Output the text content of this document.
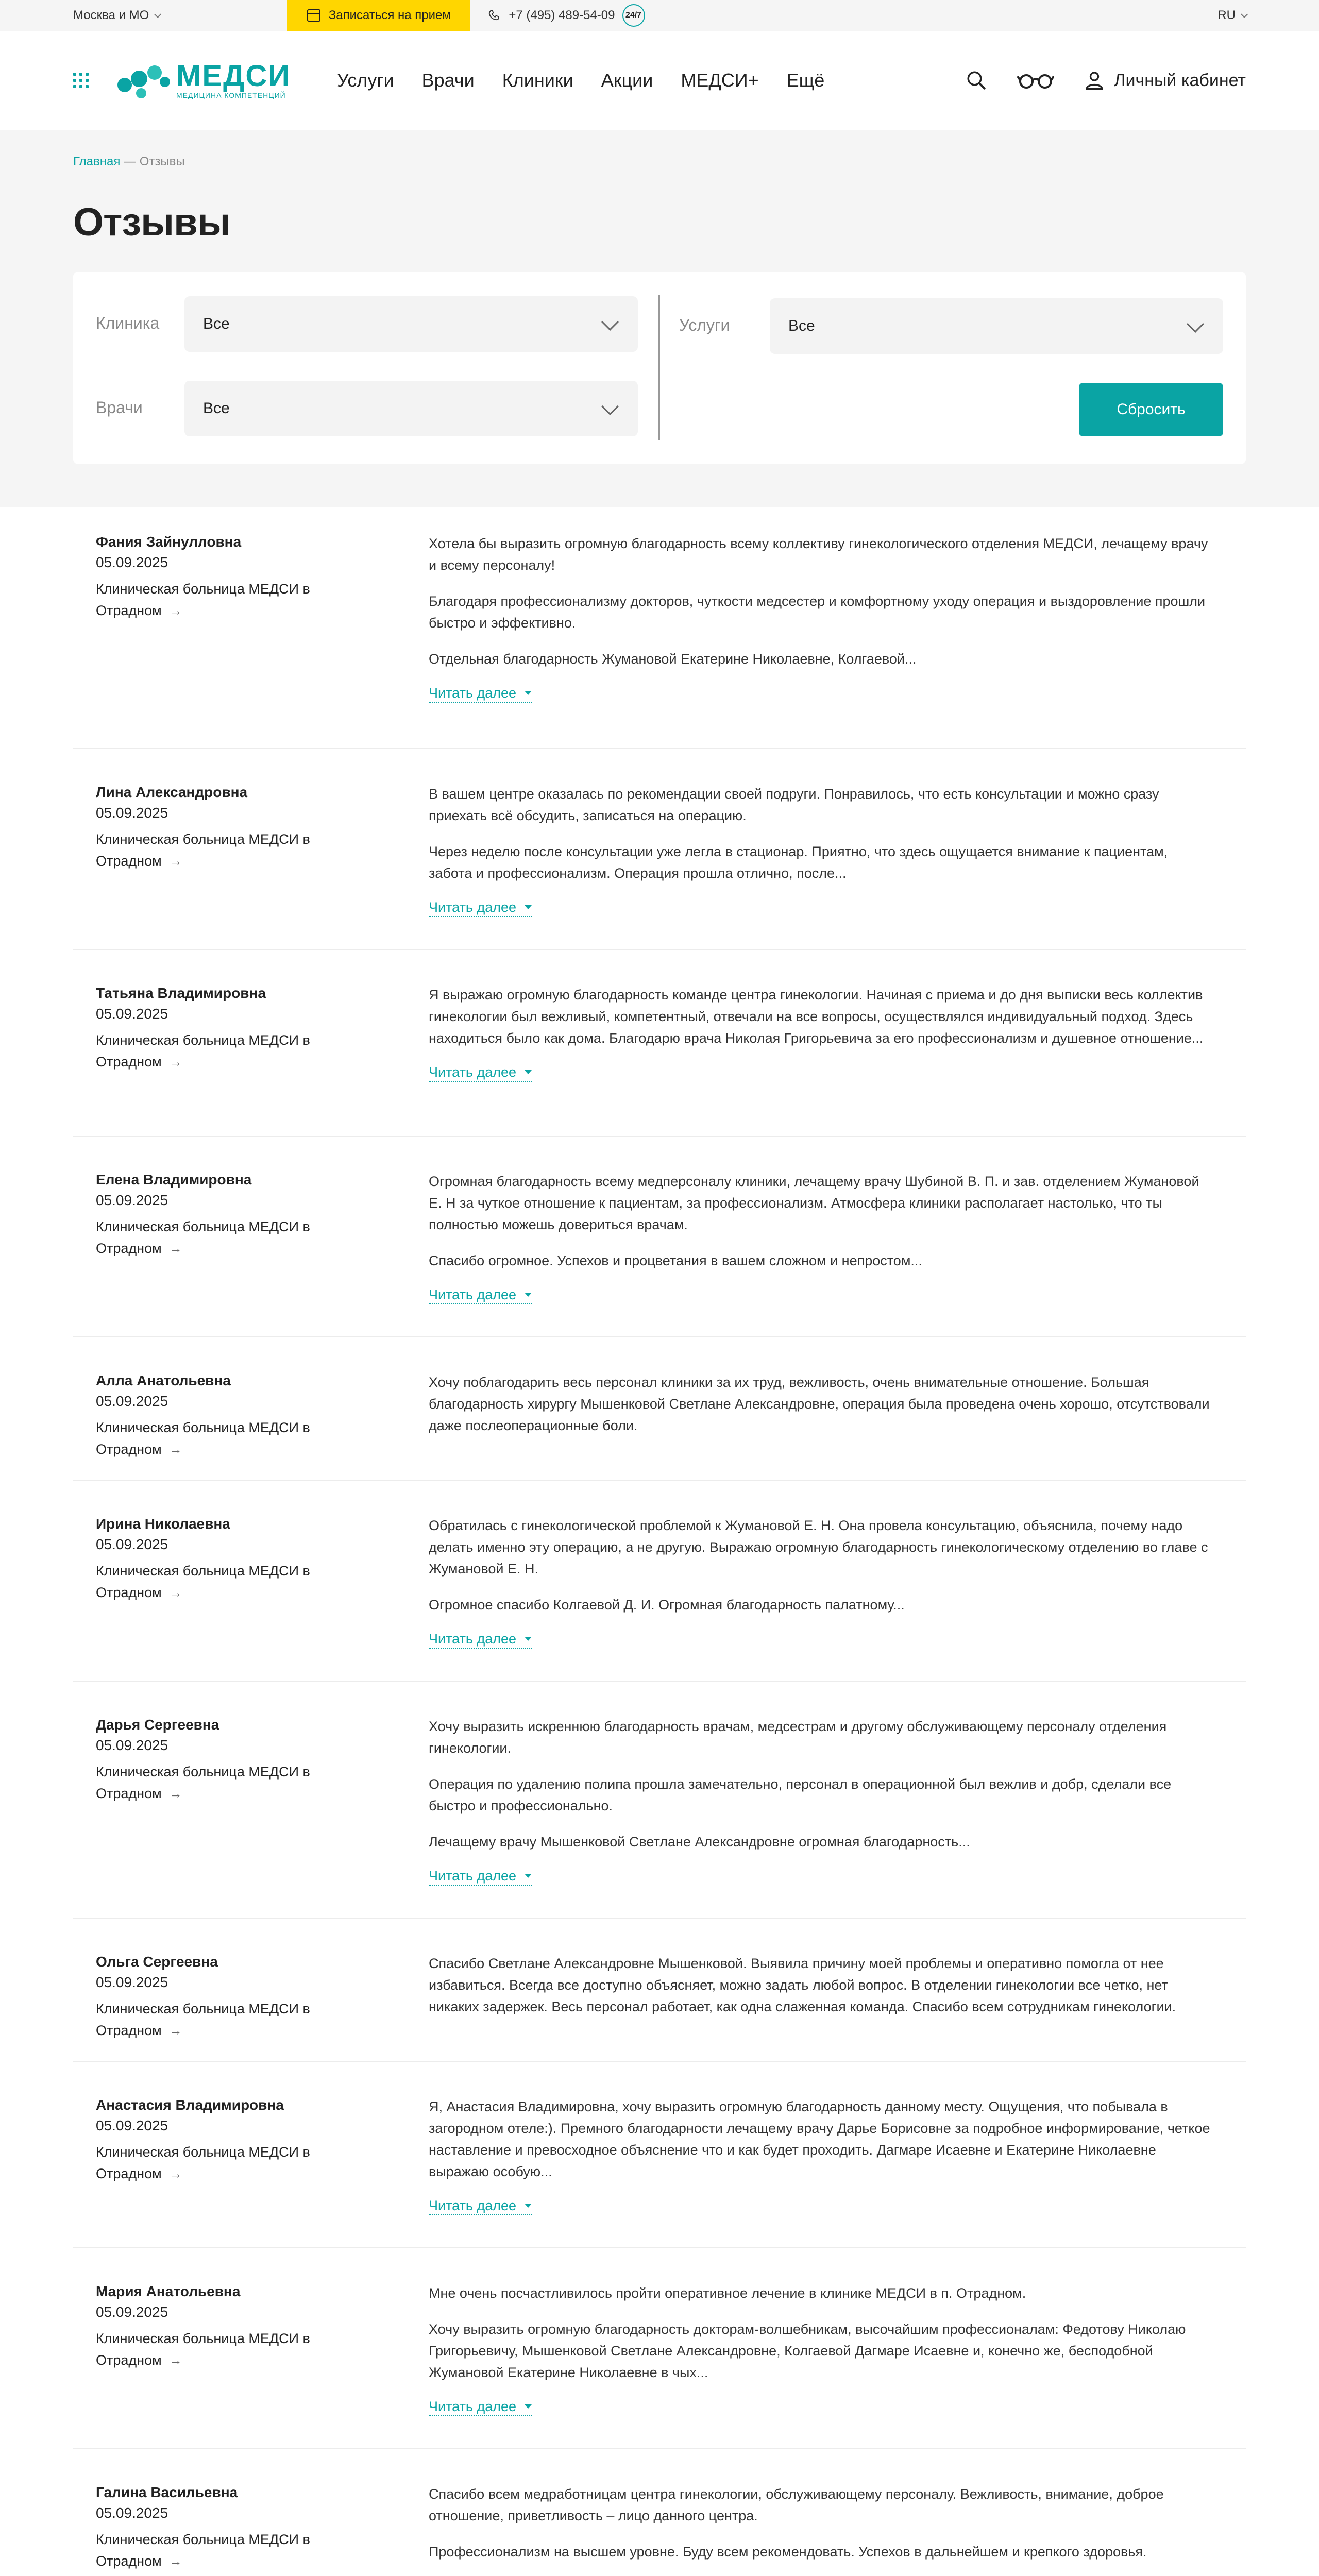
Москва и МО	Записаться на прием	+7 (495) 489-54-09	24/7	RU
МЕДСИ
МЕДИЦИНА КОМПЕТЕНЦИЙ
Услуги Врачи Клиники Акции МЕДСИ+ Ещё	Личный кабинет
Главная — Отзывы
Отзывы
Клиника	Все
Врачи	Все
Услуги	Все
Сбросить
Фания Зайнулловна
05.09.2025
Клиническая больница МЕДСИ в Отрадном →

Хотела бы выразить огромную благодарность всему коллективу гинекологического отделения МЕДСИ, лечащему врачу и всему персоналу!

Благодаря профессионализму докторов, чуткости медсестер и комфортному уходу операция и выздоровление прошли быстро и эффективно.

Отдельная благодарность Жумановой Екатерине Николаевне, Колгаевой...

Читать далее
Лина Александровна
05.09.2025
Клиническая больница МЕДСИ в Отрадном →

В вашем центре оказалась по рекомендации своей подруги. Понравилось, что есть консультации и можно сразу приехать всё обсудить, записаться на операцию.

Через неделю после консультации уже легла в стационар. Приятно, что здесь ощущается внимание к пациентам, забота и профессионализм. Операция прошла отлично, после...

Читать далее
Татьяна Владимировна
05.09.2025
Клиническая больница МЕДСИ в Отрадном →

Я выражаю огромную благодарность команде центра гинекологии. Начиная с приема и до дня выписки весь коллектив гинекологии был вежливый, компетентный, отвечали на все вопросы, осуществлялся индивидуальный подход. Здесь находиться было как дома. Благодарю врача Николая Григорьевича за его профессионализм и душевное отношение...

Читать далее
Елена Владимировна
05.09.2025
Клиническая больница МЕДСИ в Отрадном →

Огромная благодарность всему медперсоналу клиники, лечащему врачу Шубиной В. П. и зав. отделением Жумановой Е. Н за чуткое отношение к пациентам, за профессионализм. Атмосфера клиники располагает настолько, что ты полностью можешь довериться врачам.

Спасибо огромное. Успехов и процветания в вашем сложном и непростом...

Читать далее
Алла Анатольевна
05.09.2025
Клиническая больница МЕДСИ в Отрадном →

Хочу поблагодарить весь персонал клиники за их труд, вежливость, очень внимательные отношение. Большая благодарность хирургу Мышенковой Светлане Александровне, операция была проведена очень хорошо, отсутствовали даже послеоперационные боли.

Ирина Николаевна
05.09.2025
Клиническая больница МЕДСИ в Отрадном →

Обратилась с гинекологической проблемой к Жумановой Е. Н. Она провела консультацию, объяснила, почему надо делать именно эту операцию, а не другую. Выражаю огромную благодарность гинекологическому отделению во главе с Жумановой Е. Н.

Огромное спасибо Колгаевой Д. И. Огромная благодарность палатному...

Читать далее
Дарья Сергеевна
05.09.2025
Клиническая больница МЕДСИ в Отрадном →

Хочу выразить искреннюю благодарность врачам, медсестрам и другому обслуживающему персоналу отделения гинекологии.

Операция по удалению полипа прошла замечательно, персонал в операционной был вежлив и добр, сделали все быстро и профессионально.

Лечащему врачу Мышенковой Светлане Александровне огромная благодарность...

Читать далее
Ольга Сергеевна
05.09.2025
Клиническая больница МЕДСИ в Отрадном →

Спасибо Светлане Александровне Мышенковой. Выявила причину моей проблемы и оперативно помогла от нее избавиться. Всегда все доступно объясняет, можно задать любой вопрос. В отделении гинекологии все четко, нет никаких задержек. Весь персонал работает, как одна слаженная команда. Спасибо всем сотрудникам гинекологии.

Анастасия Владимировна
05.09.2025
Клиническая больница МЕДСИ в Отрадном →

Я, Анастасия Владимировна, хочу выразить огромную благодарность данному месту. Ощущения, что побывала в загородном отеле:). Премного благодарности лечащему врачу Дарье Борисовне за подробное информирование, четкое наставление и превосходное объяснение что и как будет проходить. Дагмаре Исаевне и Екатерине Николаевне выражаю особую...

Читать далее
Мария Анатольевна
05.09.2025
Клиническая больница МЕДСИ в Отрадном →

Мне очень посчастливилось пройти оперативное лечение в клинике МЕДСИ в п. Отрадном.

Хочу выразить огромную благодарность докторам-волшебникам, высочайшим профессионалам: Федотову Николаю Григорьевичу, Мышенковой Светлане Александровне, Колгаевой Дагмаре Исаевне и, конечно же, бесподобной Жумановой Екатерине Николаевне в чых...

Читать далее
Галина Васильевна
05.09.2025
Клиническая больница МЕДСИ в Отрадном →

Спасибо всем медработницам центра гинекологии, обслуживающему персоналу. Вежливость, внимание, доброе отношение, приветливость – лицо данного центра.

Профессионализм на высшем уровне. Буду всем рекомендовать. Успехов в дальнейшем и крепкого здоровья.
